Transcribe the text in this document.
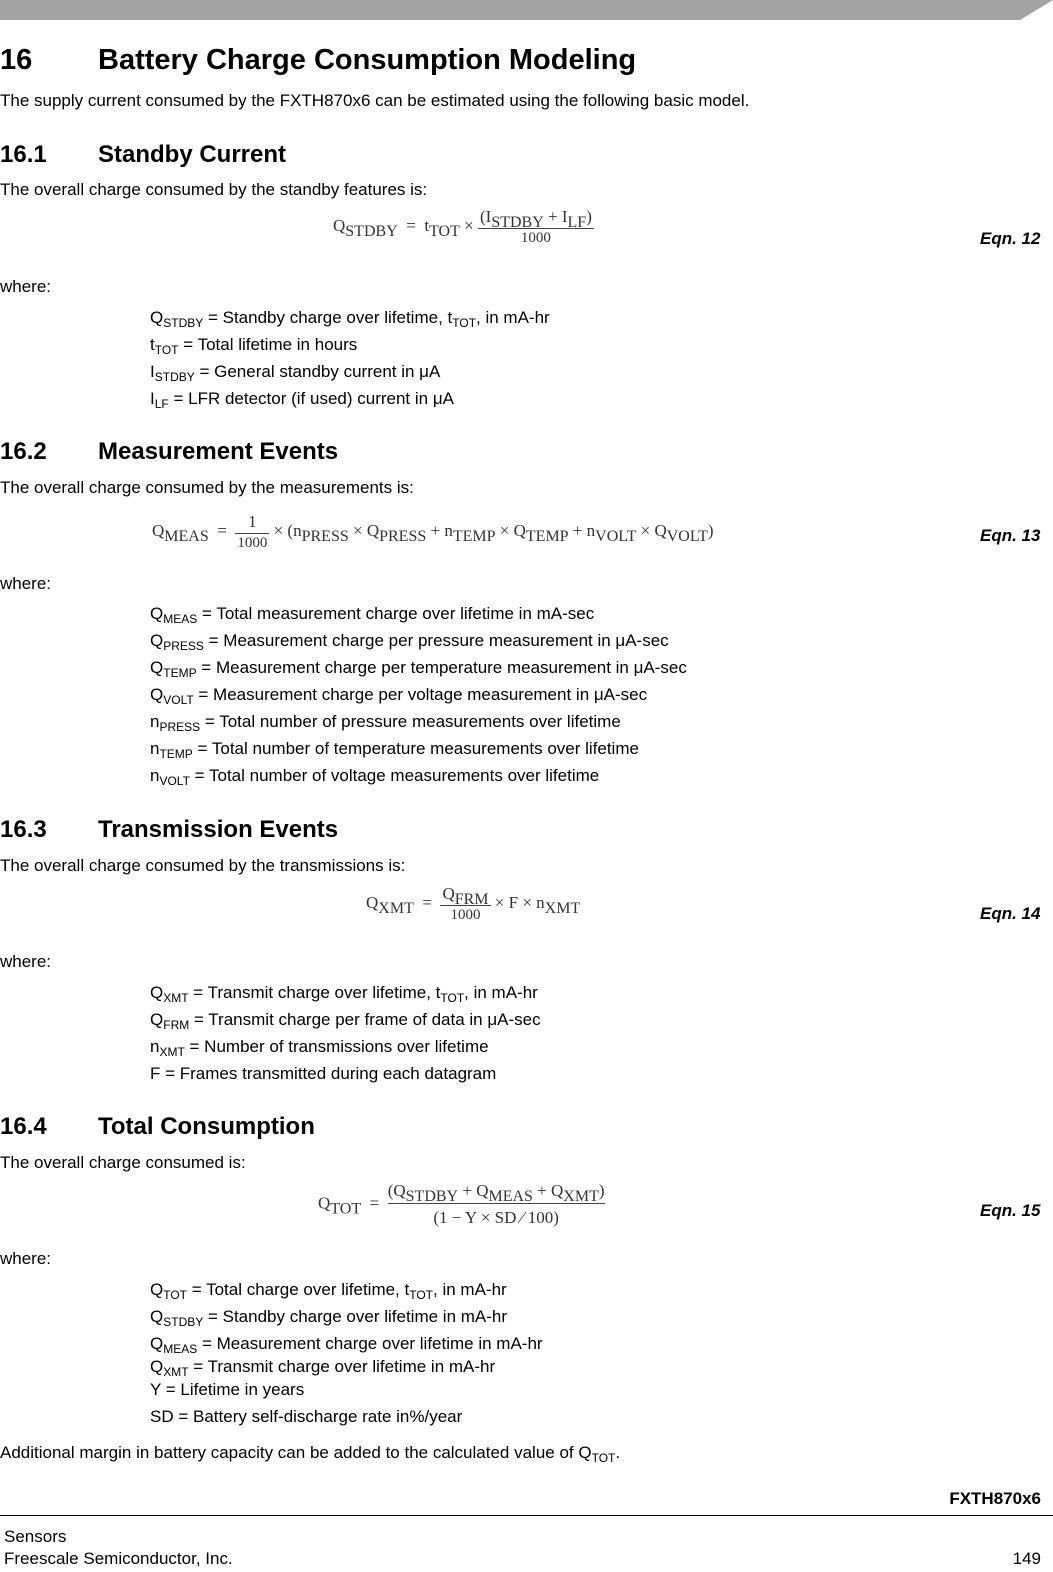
16 Battery Charge Consumption Modeling
The supply current consumed by the FXTH870x6 can be estimated using the following basic model.
16.1 Standby Current
The overall charge consumed by the standby features is:
$Q_{STDBY} = t_{TOT} \times \frac{(I_{STDBY} + I_{LF})}{1000}$	Eqn. 12
where:
$Q_{STDBY}$ = Standby charge over lifetime, $t_{TOT}$, in mA-hr
$t_{TOT}$ = Total lifetime in hours
$I_{STDBY}$ = General standby current in μA
$I_{LF}$ = LFR detector (if used) current in μA
16.2 Measurement Events
The overall charge consumed by the measurements is:
$Q_{MEAS} = \frac{1}{1000} \times (n_{PRESS} \times Q_{PRESS} + n_{TEMP} \times Q_{TEMP} + n_{VOLT} \times Q_{VOLT})$	Eqn. 13
where:
$Q_{MEAS}$ = Total measurement charge over lifetime in mA-sec
$Q_{PRESS}$ = Measurement charge per pressure measurement in μA-sec
$Q_{TEMP}$ = Measurement charge per temperature measurement in μA-sec
$Q_{VOLT}$ = Measurement charge per voltage measurement in μA-sec
$n_{PRESS}$ = Total number of pressure measurements over lifetime
$n_{TEMP}$ = Total number of temperature measurements over lifetime
$n_{VOLT}$ = Total number of voltage measurements over lifetime
16.3 Transmission Events
The overall charge consumed by the transmissions is:
$Q_{XMT} = \frac{Q_{FRM}}{1000} \times F \times n_{XMT}$	Eqn. 14
where:
$Q_{XMT}$ = Transmit charge over lifetime, $t_{TOT}$, in mA-hr
$Q_{FRM}$ = Transmit charge per frame of data in μA-sec
$n_{XMT}$ = Number of transmissions over lifetime
F = Frames transmitted during each datagram
16.4 Total Consumption
The overall charge consumed is:
$Q_{TOT} = \frac{(Q_{STDBY} + Q_{MEAS} + Q_{XMT})}{(1 - Y \times SD ⁄ 100)}$	Eqn. 15
where:
$Q_{TOT}$ = Total charge over lifetime, $t_{TOT}$, in mA-hr
$Q_{STDBY}$ = Standby charge over lifetime in mA-hr
$Q_{MEAS}$ = Measurement charge over lifetime in mA-hr
$Q_{XMT}$ = Transmit charge over lifetime in mA-hr
Y = Lifetime in years
SD = Battery self-discharge rate in%/year
Additional margin in battery capacity can be added to the calculated value of $Q_{TOT}$.
FXTH870x6
Sensors
Freescale Semiconductor, Inc.	149
